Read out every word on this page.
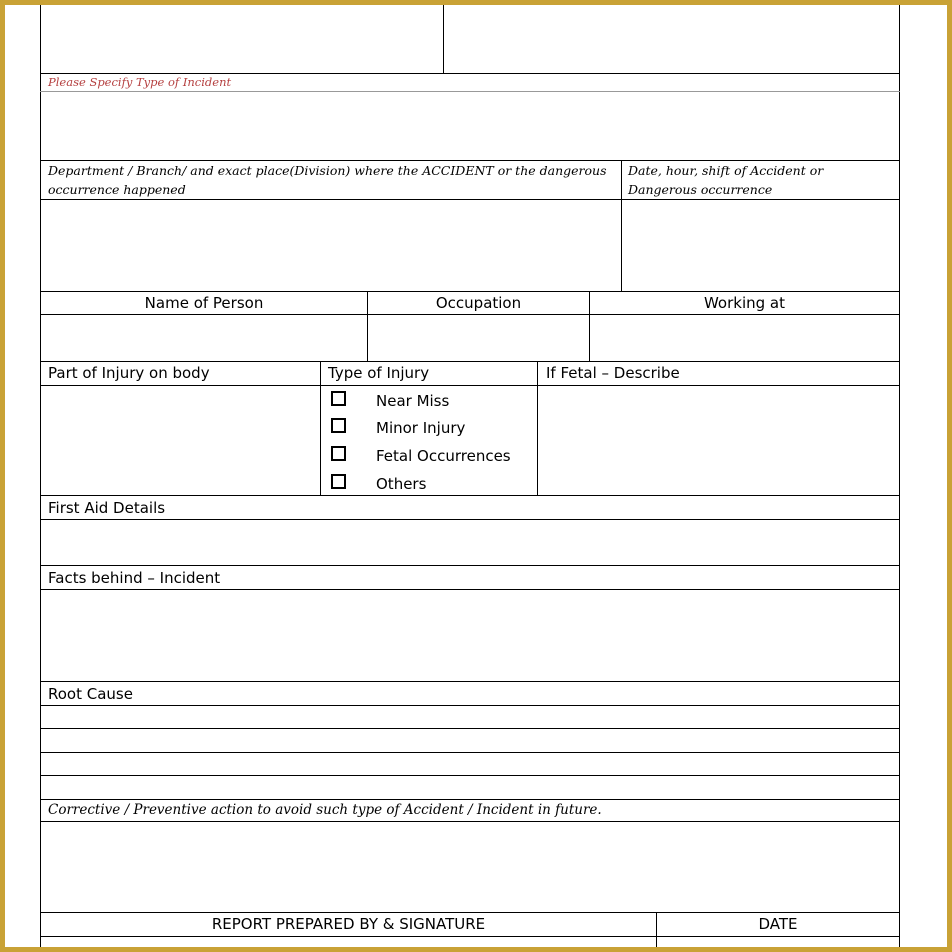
Please Specify Type of Incident
Department / Branch/ and exact place(Division) where the ACCIDENT or the dangerous
occurrence happened
Date, hour, shift of Accident or
Dangerous occurrence
Name of Person	Occupation	Working at
Part of Injury on body	Type of Injury	If Fetal – Describe
Near Miss
Minor Injury
Fetal Occurrences
Others
First Aid Details
Facts behind – Incident
Root Cause
Corrective / Preventive action to avoid such type of Accident / Incident in future.
REPORT PREPARED BY & SIGNATURE	DATE
